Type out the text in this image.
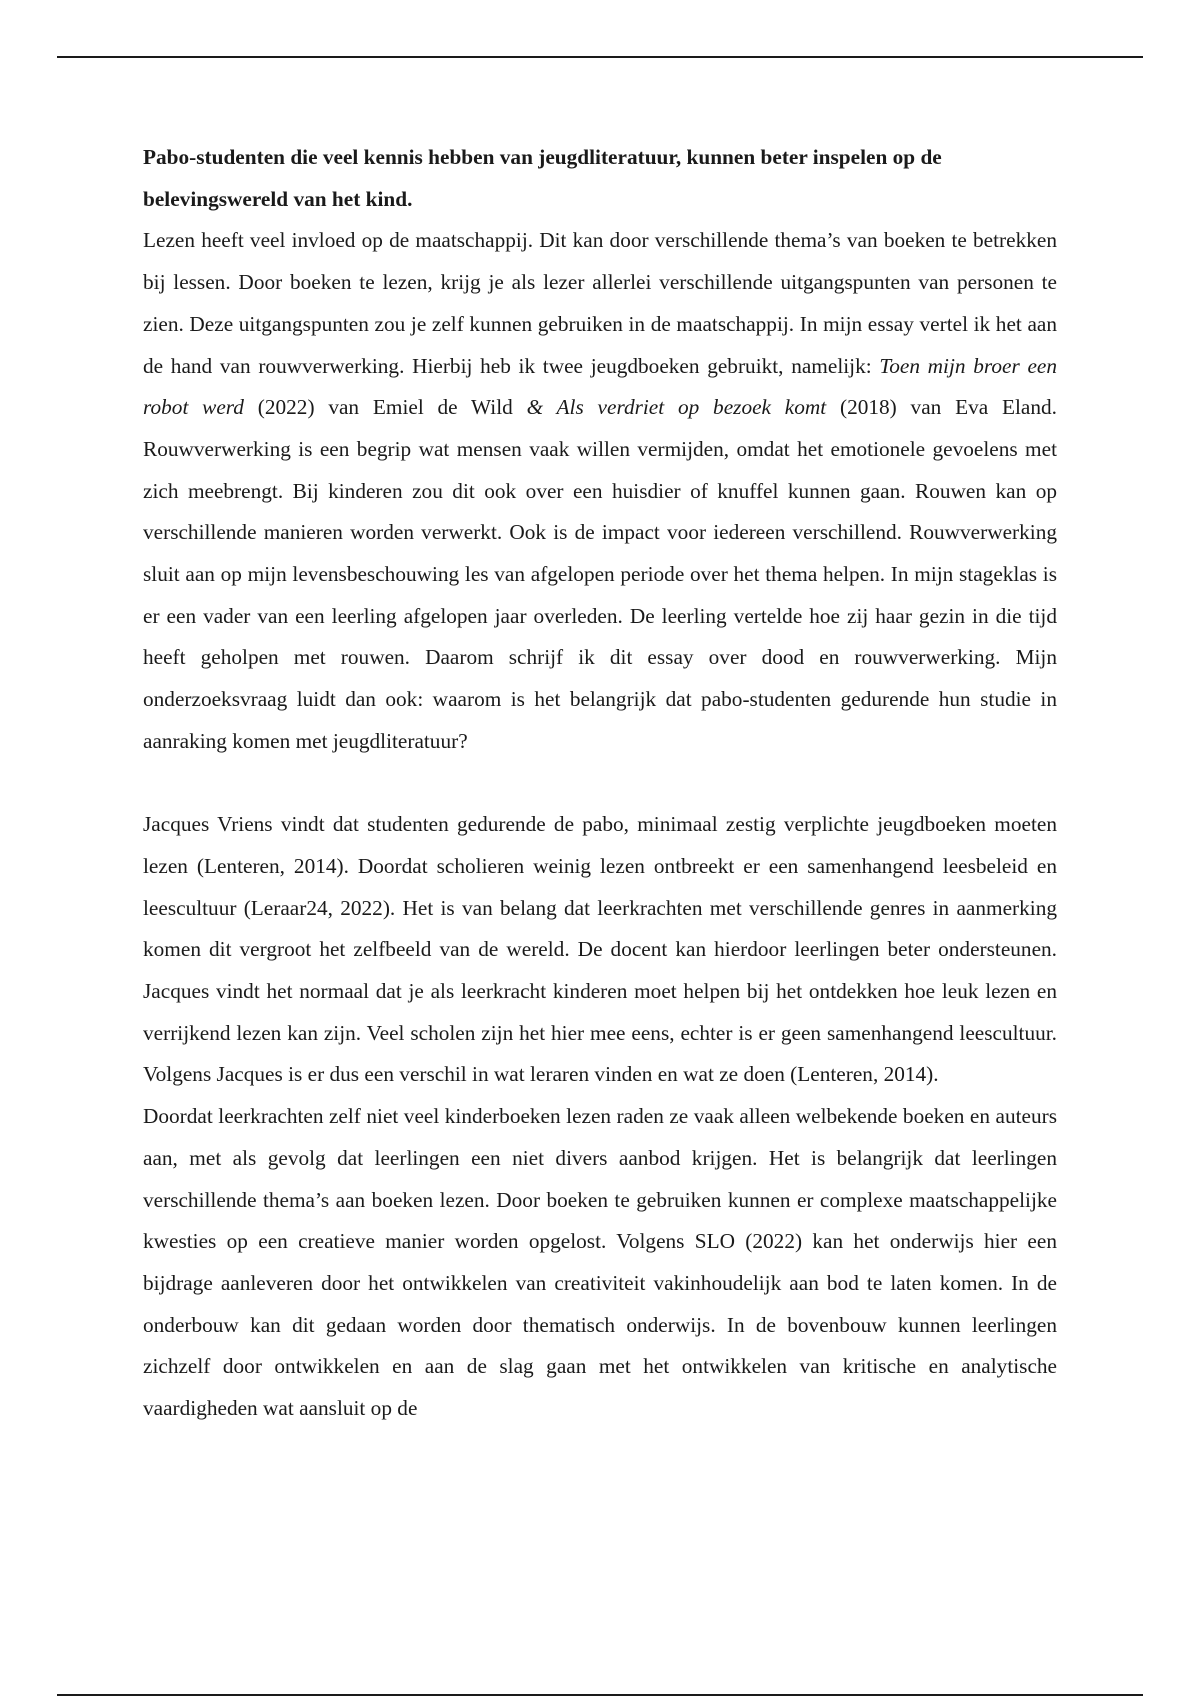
Pabo-studenten die veel kennis hebben van jeugdliteratuur, kunnen beter inspelen op de belevingswereld van het kind.

Lezen heeft veel invloed op de maatschappij. Dit kan door verschillende thema’s van boeken te betrekken bij lessen. Door boeken te lezen, krijg je als lezer allerlei verschillende uitgangspunten van personen te zien. Deze uitgangspunten zou je zelf kunnen gebruiken in de maatschappij. In mijn essay vertel ik het aan de hand van rouwverwerking. Hierbij heb ik twee jeugdboeken gebruikt, namelijk: Toen mijn broer een robot werd (2022) van Emiel de Wild & Als verdriet op bezoek komt (2018) van Eva Eland. Rouwverwerking is een begrip wat mensen vaak willen vermijden, omdat het emotionele gevoelens met zich meebrengt. Bij kinderen zou dit ook over een huisdier of knuffel kunnen gaan. Rouwen kan op verschillende manieren worden verwerkt. Ook is de impact voor iedereen verschillend. Rouwverwerking sluit aan op mijn levensbeschouwing les van afgelopen periode over het thema helpen. In mijn stageklas is er een vader van een leerling afgelopen jaar overleden. De leerling vertelde hoe zij haar gezin in die tijd heeft geholpen met rouwen. Daarom schrijf ik dit essay over dood en rouwverwerking. Mijn onderzoeksvraag luidt dan ook: waarom is het belangrijk dat pabo-studenten gedurende hun studie in aanraking komen met jeugdliteratuur?

Jacques Vriens vindt dat studenten gedurende de pabo, minimaal zestig verplichte jeugdboeken moeten lezen (Lenteren, 2014). Doordat scholieren weinig lezen ontbreekt er een samenhangend leesbeleid en leescultuur (Leraar24, 2022). Het is van belang dat leerkrachten met verschillende genres in aanmerking komen dit vergroot het zelfbeeld van de wereld. De docent kan hierdoor leerlingen beter ondersteunen. Jacques vindt het normaal dat je als leerkracht kinderen moet helpen bij het ontdekken hoe leuk lezen en verrijkend lezen kan zijn. Veel scholen zijn het hier mee eens, echter is er geen samenhangend leescultuur. Volgens Jacques is er dus een verschil in wat leraren vinden en wat ze doen (Lenteren, 2014).

Doordat leerkrachten zelf niet veel kinderboeken lezen raden ze vaak alleen welbekende boeken en auteurs aan, met als gevolg dat leerlingen een niet divers aanbod krijgen. Het is belangrijk dat leerlingen verschillende thema’s aan boeken lezen. Door boeken te gebruiken kunnen er complexe maatschappelijke kwesties op een creatieve manier worden opgelost. Volgens SLO (2022) kan het onderwijs hier een bijdrage aanleveren door het ontwikkelen van creativiteit vakinhoudelijk aan bod te laten komen. In de onderbouw kan dit gedaan worden door thematisch onderwijs. In de bovenbouw kunnen leerlingen zichzelf door ontwikkelen en aan de slag gaan met het ontwikkelen van kritische en analytische vaardigheden wat aansluit op de
